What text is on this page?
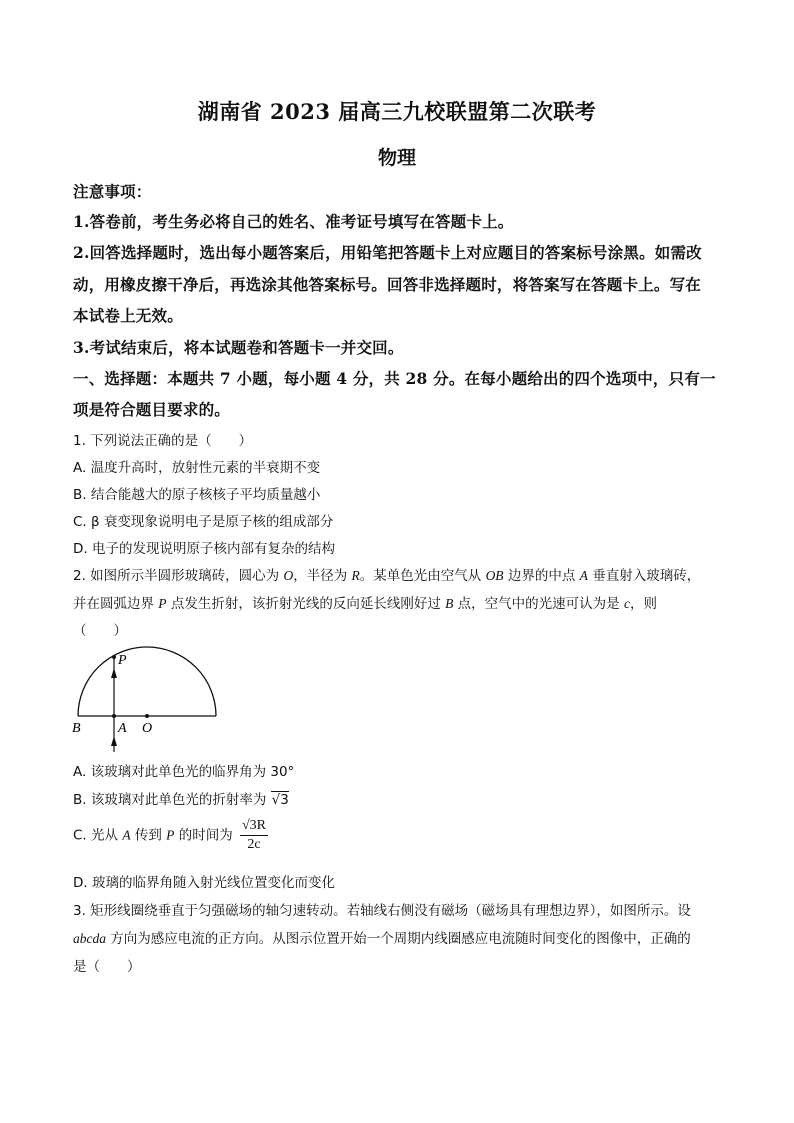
湖南省 2023 届高三九校联盟第二次联考
物理
注意事项：
1.答卷前，考生务必将自己的姓名、准考证号填写在答题卡上。
2.回答选择题时，选出每小题答案后，用铅笔把答题卡上对应题目的答案标号涂黑。如需改
动，用橡皮擦干净后，再选涂其他答案标号。回答非选择题时，将答案写在答题卡上。写在
本试卷上无效。
3.考试结束后，将本试题卷和答题卡一并交回。
一、选择题：本题共 7 小题，每小题 4 分，共 28 分。在每小题给出的四个选项中，只有一
项是符合题目要求的。
1. 下列说法正确的是（　　）
A. 温度升高时，放射性元素的半衰期不变
B. 结合能越大的原子核核子平均质量越小
C. β 衰变现象说明电子是原子核的组成部分
D. 电子的发现说明原子核内部有复杂的结构
2. 如图所示半圆形玻璃砖，圆心为 O，半径为 R。某单色光由空气从 OB 边界的中点 A 垂直射入玻璃砖，
并在圆弧边界 P 点发生折射，该折射光线的反向延长线刚好过 B 点，空气中的光速可认为是 c，则
（　　）
P
B	A O
A. 该玻璃对此单色光的临界角为 30°
B. 该玻璃对此单色光的折射率为 √3
C. 光从 A 传到 P 的时间为 $\frac{√3R}{2c}$
D. 玻璃的临界角随入射光线位置变化而变化
3. 矩形线圈绕垂直于匀强磁场的轴匀速转动。若轴线右侧没有磁场（磁场具有理想边界），如图所示。设
abcda 方向为感应电流的正方向。从图示位置开始一个周期内线圈感应电流随时间变化的图像中，正确的
是（　　）
